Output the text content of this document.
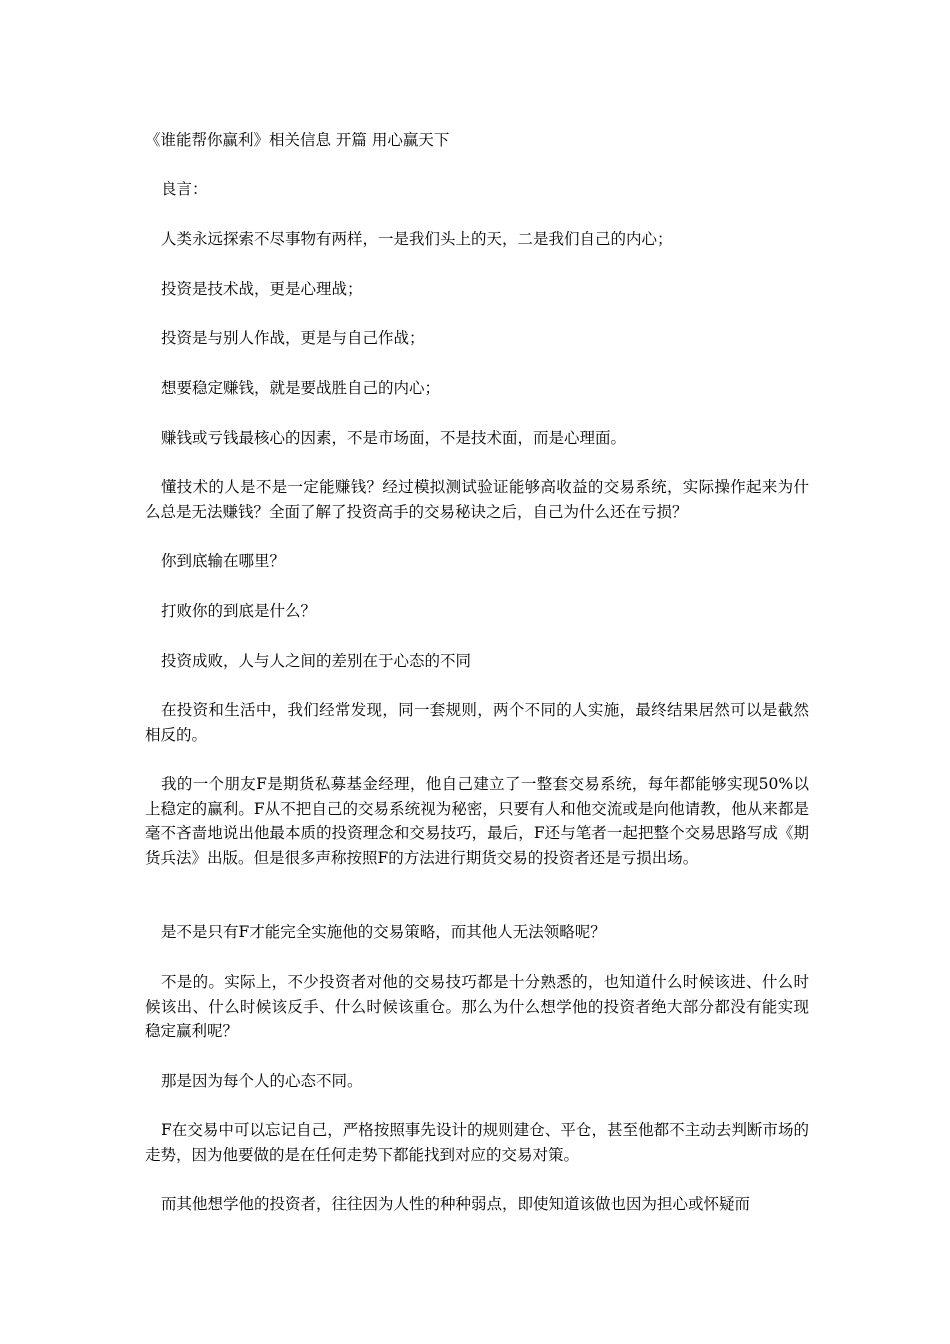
《谁能帮你赢利》相关信息 开篇 用心赢天下

良言：

人类永远探索不尽事物有两样，一是我们头上的天，二是我们自己的内心；

投资是技术战，更是心理战；

投资是与别人作战，更是与自己作战；

想要稳定赚钱，就是要战胜自己的内心；

赚钱或亏钱最核心的因素，不是市场面，不是技术面，而是心理面。

懂技术的人是不是一定能赚钱？经过模拟测试验证能够高收益的交易系统，实际操作起来为什么总是无法赚钱？全面了解了投资高手的交易秘诀之后，自己为什么还在亏损？

你到底输在哪里？

打败你的到底是什么？

投资成败，人与人之间的差别在于心态的不同

在投资和生活中，我们经常发现，同一套规则，两个不同的人实施，最终结果居然可以是截然相反的。

我的一个朋友F是期货私募基金经理，他自己建立了一整套交易系统，每年都能够实现50%以上稳定的赢利。F从不把自己的交易系统视为秘密，只要有人和他交流或是向他请教，他从来都是毫不吝啬地说出他最本质的投资理念和交易技巧，最后，F还与笔者一起把整个交易思路写成《期货兵法》出版。但是很多声称按照F的方法进行期货交易的投资者还是亏损出场。

是不是只有F才能完全实施他的交易策略，而其他人无法领略呢？

不是的。实际上，不少投资者对他的交易技巧都是十分熟悉的，也知道什么时候该进、什么时候该出、什么时候该反手、什么时候该重仓。那么为什么想学他的投资者绝大部分都没有能实现稳定赢利呢？

那是因为每个人的心态不同。

F在交易中可以忘记自己，严格按照事先设计的规则建仓、平仓，甚至他都不主动去判断市场的走势，因为他要做的是在任何走势下都能找到对应的交易对策。

而其他想学他的投资者，往往因为人性的种种弱点，即使知道该做也因为担心或怀疑而
